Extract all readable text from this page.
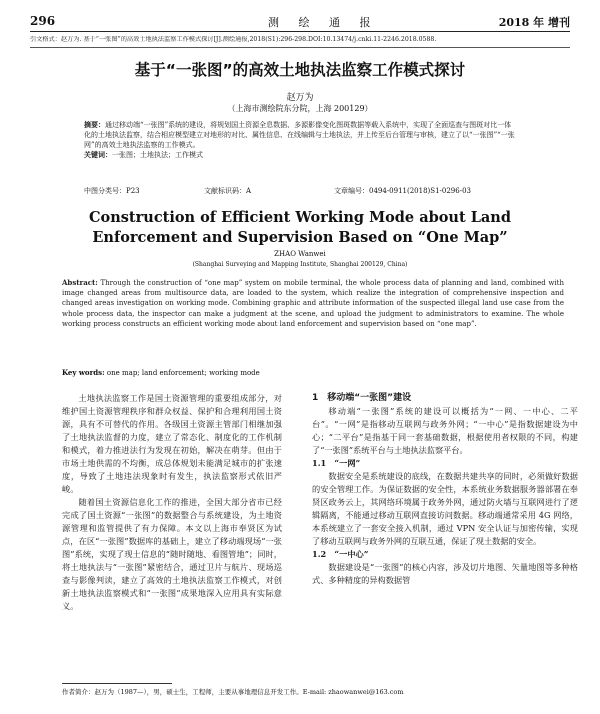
296	测 绘 通 报	2018 年 增刊
引文格式：赵万为. 基于“一张图”的高效土地执法监察工作模式探讨[J].测绘通报,2018(S1):296-298.DOI:10.13474/j.cnki.11-2246.2018.0588.
基于“一张图”的高效土地执法监察工作模式探讨
赵万为
（上海市测绘院东分院，上海 200129）
摘要：通过移动端“一张图”系统的建设，将规划国土资源全息数据、多源影像变化图斑数据等载入系统中，实现了全面巡查与图斑对比一体化的土地执法监察，结合相应模型建立对地形的对比、属性信息、在线编辑与土地执法，并上传至后台管理与审核，建立了以“一张图”“一张网”的高效土地执法监察的工作模式。
关键词：一张图；土地执法；工作模式
中图分类号：P23	文献标识码：A	文章编号：0494-0911(2018)S1-0296-03
Construction of Efficient Working Mode about Land Enforcement and Supervision Based on “One Map”
ZHAO Wanwei
(Shanghai Surveying and Mapping Institute, Shanghai 200129, China)
Abstract: Through the construction of “one map” system on mobile terminal, the whole process data of planning and land, combined with image changed areas from multisource data, are loaded to the system, which realize the integration of comprehensive inspection and changed areas investigation on working mode. Combining graphic and attribute information of the suspected illegal land use case from the whole process data, the inspector can make a judgment at the scene, and upload the judgment to administrators to examine. The whole working process constructs an efficient working mode about land enforcement and supervision based on “one map”.
Key words: one map; land enforcement; working mode

土地执法监察工作是国土资源管理的重要组成部分，对维护国土资源管理秩序和群众权益、保护和合理利用国土资源，具有不可替代的作用。各级国土资源主管部门相继加强了土地执法监督的力度，建立了常态化、制度化的工作机制和模式，着力推进法行为发现在初始，解决在萌芽。但由于市场土地供需的不均衡，成总体规划未能满足城市的扩张速度，导致了土地违法现象时有发生，执法监察形式依旧严峻。

随着国土资源信息化工作的推进，全国大部分省市已经完成了国土资源“一张图”的数据整合与系统建设，为土地资源管理和监管提供了有力保障。本文以上海市奉贤区为试点，在区“一张图”数据库的基础上，建立了移动端现场“一张图”系统，实现了现土信息的“随时随地、看图管地”；同时，将土地执法与“一张图”紧密结合，通过卫片与航片、现场巡查与影像判读，建立了高效的土地执法监察工作模式，对创新土地执法监察模式和“一张图”成果地深入应用具有实际意义。

1　移动端“一张图”建设

移动端“一张图”系统的建设可以概括为“一网、一中心、二平台”。“一网”是指移动互联网与政务外网；“一中心”是指数据建设为中心；“二平台”是指基于同一套基础数据，根据使用者权限的不同，构建了“一张图”系统平台与土地执法监察平台。

1.1　“一网”

数据安全是系统建设的底线，在数据共建共享的同时，必须做好数据的安全管理工作。为保证数据的安全性，本系统业务数据服务器部署在奉贤区政务云上，其网络环境属于政务外网，通过防火墙与互联网进行了逻辑隔离，不能通过移动互联网直接访问数据。移动端通常采用 4G 网络，本系统建立了一套安全接入机制，通过 VPN 安全认证与加密传输，实现了移动互联网与政务外网的互联互通，保证了现土数据的安全。

1.2　“一中心”

数据建设是“一张图”的核心内容，涉及切片地图、矢量地图等多种格式、多种精度的异构数据管

作者简介：赵万为（1987—），男，硕士生，工程师，主要从事地理信息开发工作。E-mail: zhaowanwei@163.com
